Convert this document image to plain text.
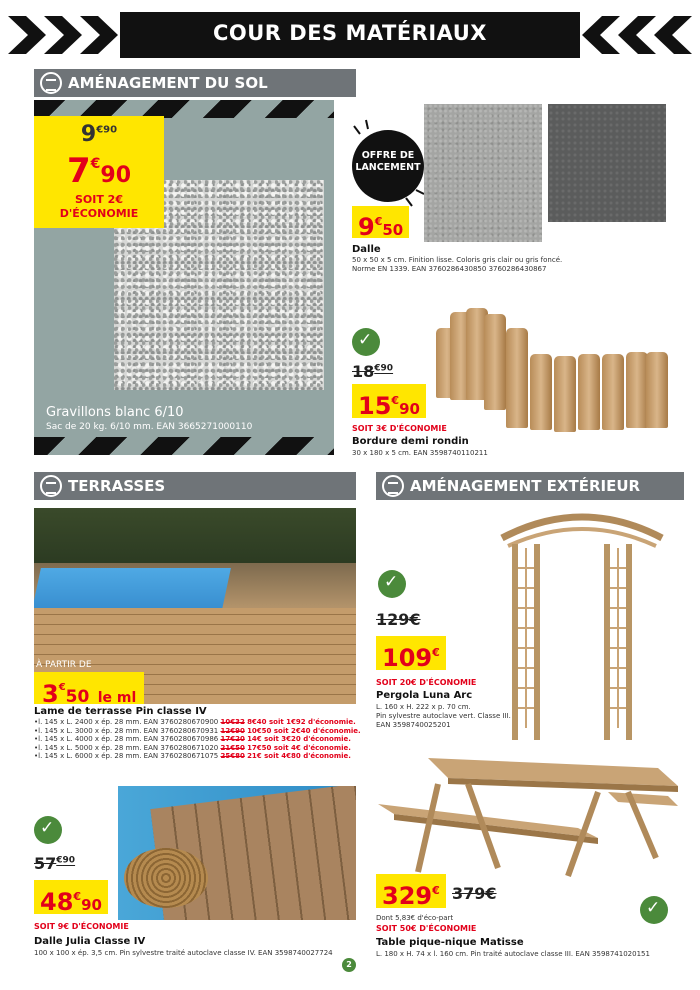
COUR DES MATÉRIAUX
AMÉNAGEMENT DU SOL
$9^{€90}$
7€90
SOIT 2€
D'ÉCONOMIE
Gravillons blanc 6/10
Sac de 20 kg. 6/10 mm. EAN 3665271000110
OFFRE DE
LANCEMENT
9€50
Dalle
50 x 50 x 5 cm. Finition lisse. Coloris gris clair ou gris foncé.
Norme EN 1339. EAN 3760286430850 3760286430867
✓
$18^{€90}$
15€90
SOIT 3€ D'ÉCONOMIE
Bordure demi rondin
30 x 180 x 5 cm. EAN 3598740110211
TERRASSES
À PARTIR DE
3€50 le ml
Lame de terrasse Pin classe IV
•l. 145 x L. 2400 x ép. 28 mm. EAN 3760280670900 10€32 8€40 soit 1€92 d'économie.
•l. 145 x L. 3000 x ép. 28 mm. EAN 3760280670931 12€90 10€50 soit 2€40 d'économie.
•l. 145 x L. 4000 x ép. 28 mm. EAN 3760280670986 17€20 14€ soit 3€20 d'économie.
•l. 145 x L. 5000 x ép. 28 mm. EAN 3760280671020 21€50 17€50 soit 4€ d'économie.
•l. 145 x L. 6000 x ép. 28 mm. EAN 3760280671075 25€80 21€ soit 4€80 d'économie.
✓
$57^{€90}$
48€90
SOIT 9€ D'ÉCONOMIE
Dalle Julia Classe IV
100 x 100 x ép. 3,5 cm. Pin sylvestre traité autoclave classe IV. EAN 3598740027724
AMÉNAGEMENT EXTÉRIEUR
✓
129€
109€
SOIT 20€ D'ÉCONOMIE
Pergola Luna Arc
L. 160 x H. 222 x p. 70 cm.
Pin sylvestre autoclave vert. Classe III.
EAN 3598740025201
329€ 379€
Dont 5,83€ d'éco-part
SOIT 50€ D'ÉCONOMIE
Table pique-nique Matisse
L. 180 x H. 74 x l. 160 cm. Pin traité autoclave classe III. EAN 3598741020151
✓
2
